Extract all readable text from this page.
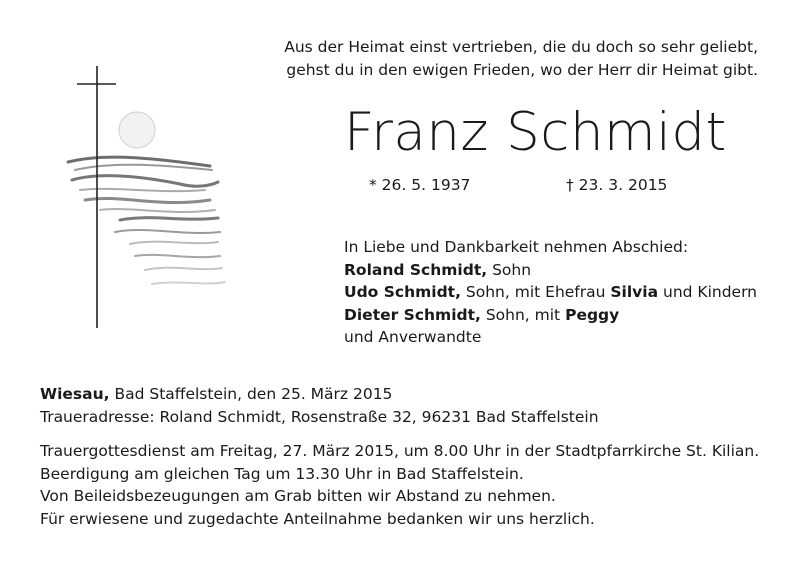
Aus der Heimat einst vertrieben, die du doch so sehr geliebt,
gehst du in den ewigen Frieden, wo der Herr dir Heimat gibt.
Franz Schmidt
* 26. 5. 1937	† 23. 3. 2015
In Liebe und Dankbarkeit nehmen Abschied:
Roland Schmidt, Sohn
Udo Schmidt, Sohn, mit Ehefrau Silvia und Kindern
Dieter Schmidt, Sohn, mit Peggy
und Anverwandte
Wiesau, Bad Staffelstein, den 25. März 2015
Traueradresse: Roland Schmidt, Rosenstraße 32, 96231 Bad Staffelstein
Trauergottesdienst am Freitag, 27. März 2015, um 8.00 Uhr in der Stadtpfarrkirche St. Kilian.
Beerdigung am gleichen Tag um 13.30 Uhr in Bad Staffelstein.
Von Beileidsbezeugungen am Grab bitten wir Abstand zu nehmen.
Für erwiesene und zugedachte Anteilnahme bedanken wir uns herzlich.
